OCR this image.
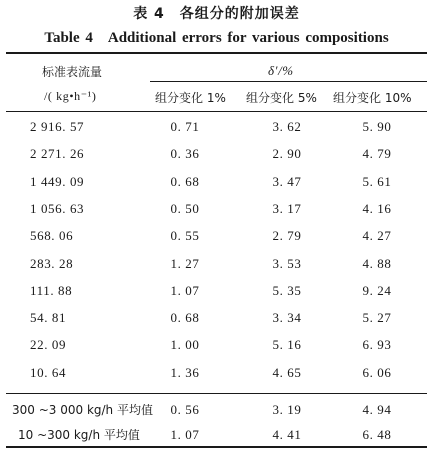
表 4　各组分的附加误差
Table 4　Additional errors for various compositions
标准表流量
/( kg•h⁻¹)
δ′/%
组分变化 1% 组分变化 5% 组分变化 10%
2 916. 57	0. 71	3. 62	5. 90
2 271. 26	0. 36	2. 90	4. 79
1 449. 09	0. 68	3. 47	5. 61
1 056. 63	0. 50	3. 17	4. 16
568. 06	0. 55	2. 79	4. 27
283. 28	1. 27	3. 53	4. 88
111. 88	1. 07	5. 35	9. 24
54. 81	0. 68	3. 34	5. 27
22. 09	1. 00	5. 16	6. 93
10. 64	1. 36	4. 65	6. 06
300 ~3 000 kg/h 平均值	0. 56	3. 19	4. 94
10 ~300 kg/h 平均值	1. 07	4. 41	6. 48
